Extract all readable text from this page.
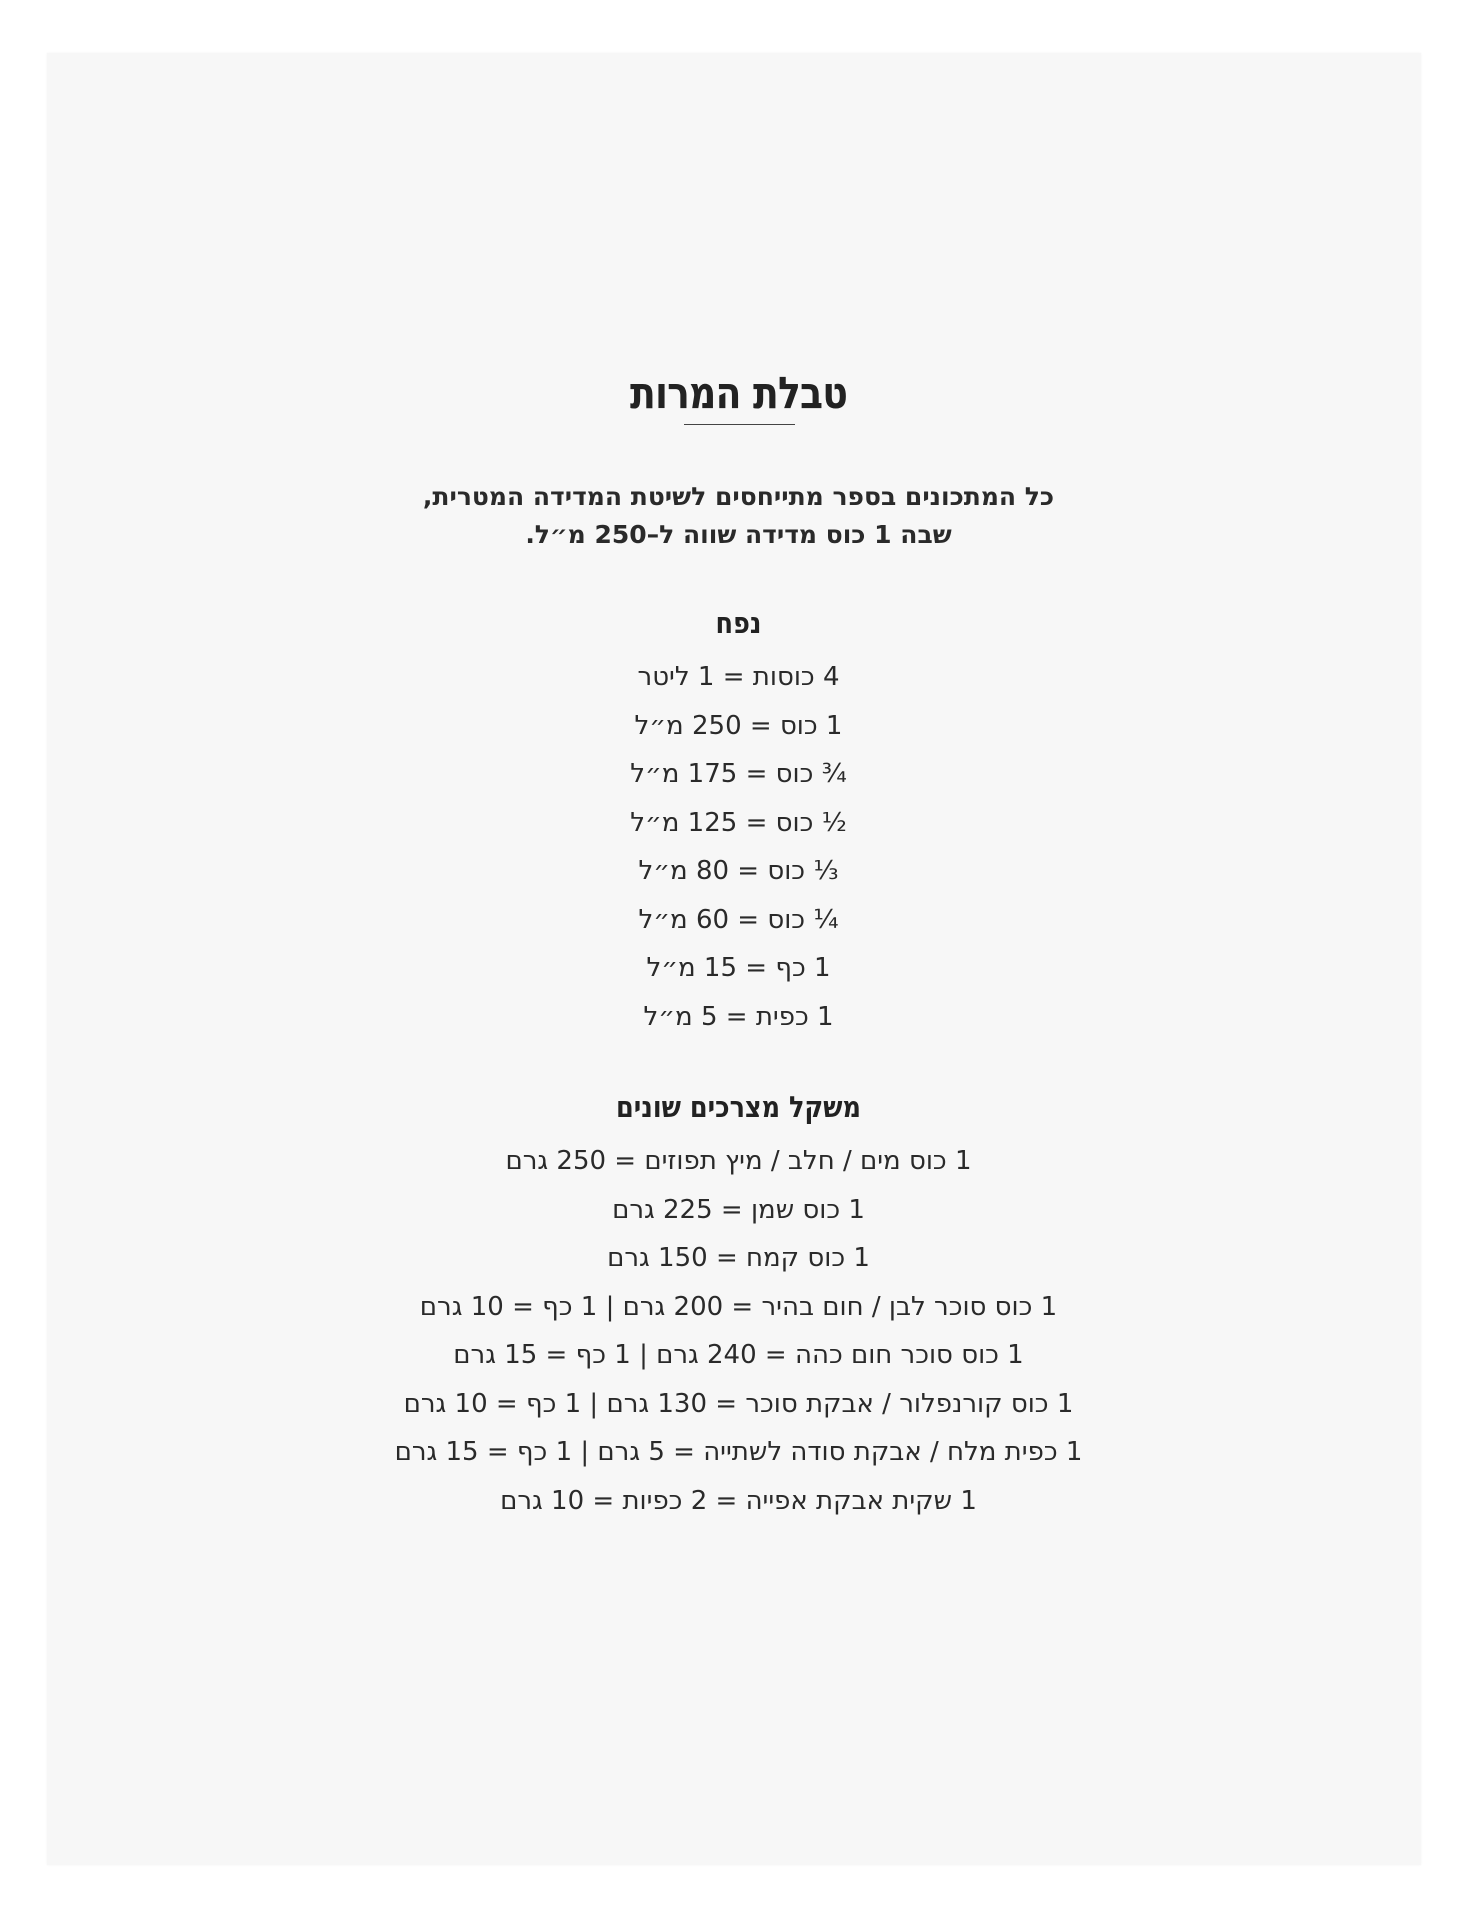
טבלת המרות
כל המתכונים בספר מתייחסים לשיטת המדידה המטרית,
שבה 1 כוס מדידה שווה ל–250 מ״ל.
נפח
4 כוסות = 1 ליטר
1 כוס = 250 מ״ל
¾ כוס = 175 מ״ל
½ כוס = 125 מ״ל
⅓ כוס = 80 מ״ל
¼ כוס = 60 מ״ל
1 כף = 15 מ״ל
1 כפית = 5 מ״ל
משקל מצרכים שונים
1 כוס מים / חלב / מיץ תפוזים = 250 גרם
1 כוס שמן = 225 גרם
1 כוס קמח = 150 גרם
1 כוס סוכר לבן / חום בהיר = 200 גרם | 1 כף = 10 גרם
1 כוס סוכר חום כהה = 240 גרם | 1 כף = 15 גרם
1 כוס קורנפלור / אבקת סוכר = 130 גרם | 1 כף = 10 גרם
1 כפית מלח / אבקת סודה לשתייה = 5 גרם | 1 כף = 15 גרם
1 שקית אבקת אפייה = 2 כפיות = 10 גרם
